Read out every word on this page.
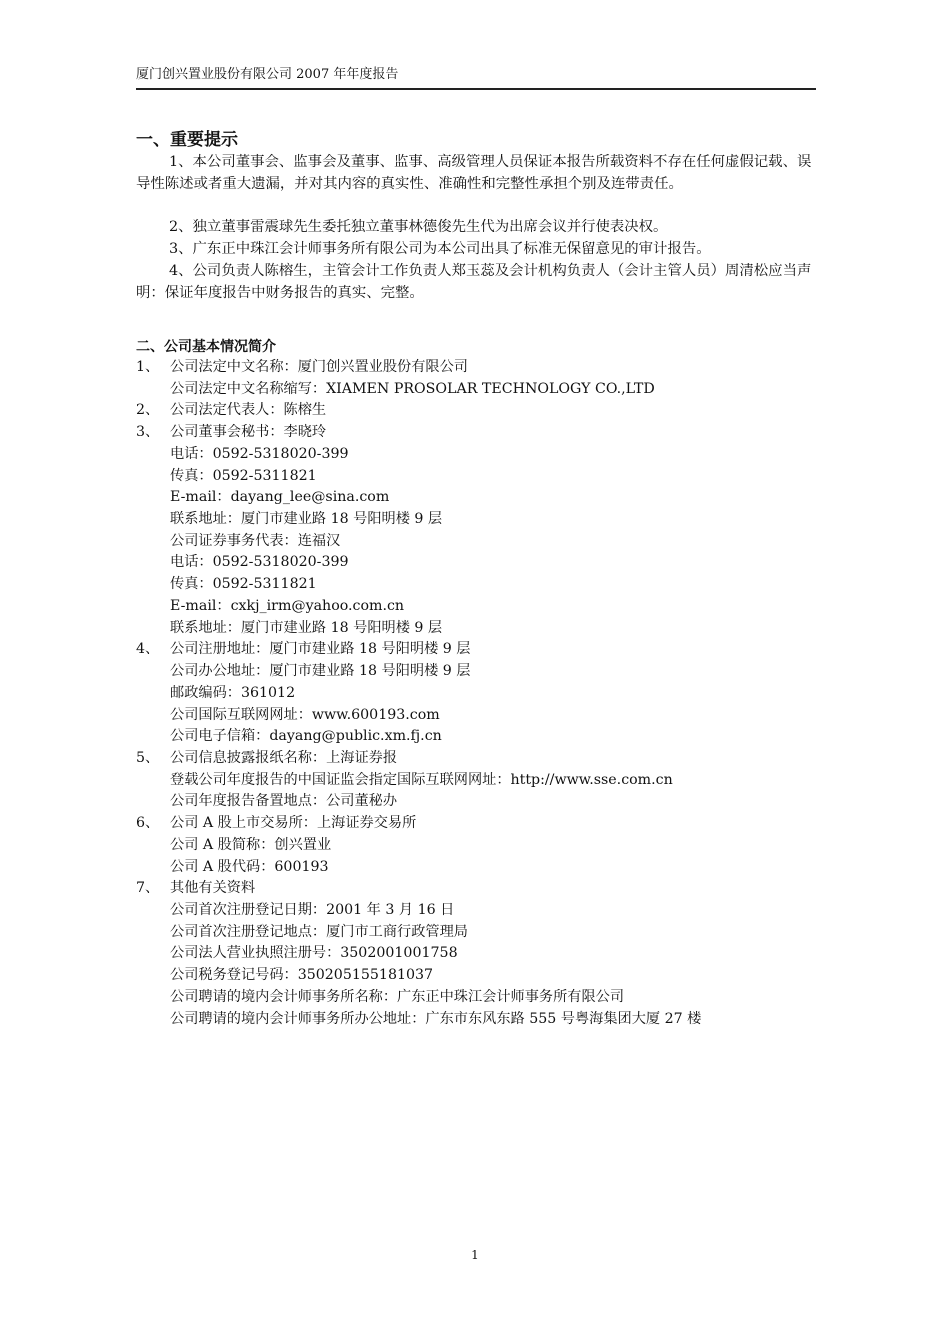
厦门创兴置业股份有限公司 2007 年年度报告
一、重要提示
1、本公司董事会、监事会及董事、监事、高级管理人员保证本报告所载资料不存在任何虚假记载、误导性陈述或者重大遗漏，并对其内容的真实性、准确性和完整性承担个别及连带责任。
2、独立董事雷震球先生委托独立董事林德俊先生代为出席会议并行使表决权。
3、广东正中珠江会计师事务所有限公司为本公司出具了标准无保留意见的审计报告。
4、公司负责人陈榕生，主管会计工作负责人郑玉蕊及会计机构负责人（会计主管人员）周清松应当声明：保证年度报告中财务报告的真实、完整。
二、公司基本情况简介
1、 公司法定中文名称：厦门创兴置业股份有限公司
公司法定中文名称缩写：XIAMEN PROSOLAR TECHNOLOGY CO.,LTD
2、 公司法定代表人：陈榕生
3、 公司董事会秘书：李晓玲
电话：0592-5318020-399
传真：0592-5311821
E-mail：dayang_lee@sina.com
联系地址：厦门市建业路 18 号阳明楼 9 层
公司证券事务代表：连福汉
电话：0592-5318020-399
传真：0592-5311821
E-mail：cxkj_irm@yahoo.com.cn
联系地址：厦门市建业路 18 号阳明楼 9 层
4、 公司注册地址：厦门市建业路 18 号阳明楼 9 层
公司办公地址：厦门市建业路 18 号阳明楼 9 层
邮政编码：361012
公司国际互联网网址：www.600193.com
公司电子信箱：dayang@public.xm.fj.cn
5、 公司信息披露报纸名称：上海证券报
登载公司年度报告的中国证监会指定国际互联网网址：http://www.sse.com.cn
公司年度报告备置地点：公司董秘办
6、 公司 A 股上市交易所：上海证券交易所
公司 A 股简称：创兴置业
公司 A 股代码：600193
7、 其他有关资料
公司首次注册登记日期：2001 年 3 月 16 日
公司首次注册登记地点：厦门市工商行政管理局
公司法人营业执照注册号：3502001001758
公司税务登记号码：350205155181037
公司聘请的境内会计师事务所名称：广东正中珠江会计师事务所有限公司
公司聘请的境内会计师事务所办公地址：广东市东风东路 555 号粤海集团大厦 27 楼
1
